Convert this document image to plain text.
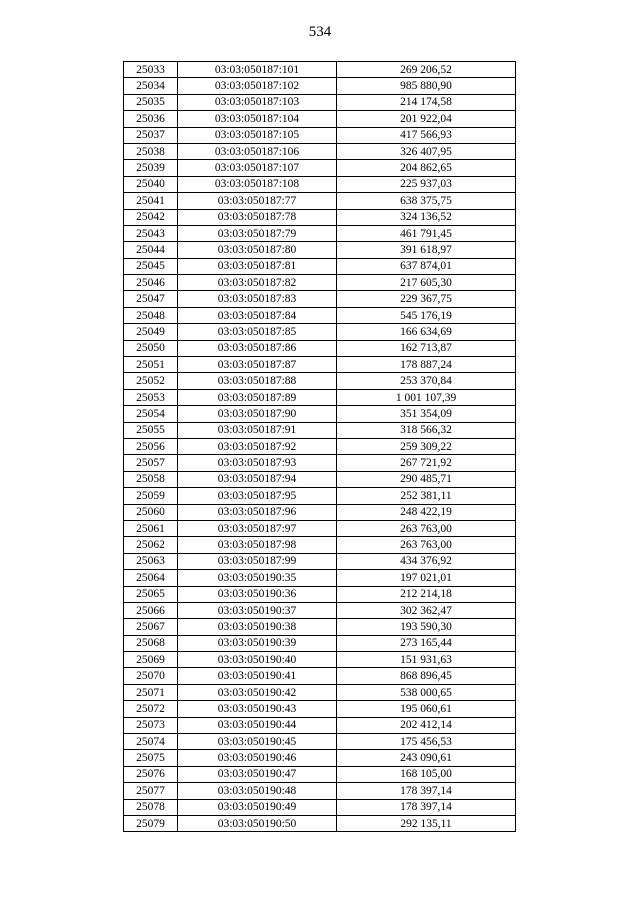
534
25033	03:03:050187:101	269 206,52
25034	03:03:050187:102	985 880,90
25035	03:03:050187:103	214 174,58
25036	03:03:050187:104	201 922,04
25037	03:03:050187:105	417 566,93
25038	03:03:050187:106	326 407,95
25039	03:03:050187:107	204 862,65
25040	03:03:050187:108	225 937,03
25041	03:03:050187:77	638 375,75
25042	03:03:050187:78	324 136,52
25043	03:03:050187:79	461 791,45
25044	03:03:050187:80	391 618,97
25045	03:03:050187:81	637 874,01
25046	03:03:050187:82	217 605,30
25047	03:03:050187:83	229 367,75
25048	03:03:050187:84	545 176,19
25049	03:03:050187:85	166 634,69
25050	03:03:050187:86	162 713,87
25051	03:03:050187:87	178 887,24
25052	03:03:050187:88	253 370,84
25053	03:03:050187:89	1 001 107,39
25054	03:03:050187:90	351 354,09
25055	03:03:050187:91	318 566,32
25056	03:03:050187:92	259 309,22
25057	03:03:050187:93	267 721,92
25058	03:03:050187:94	290 485,71
25059	03:03:050187:95	252 381,11
25060	03:03:050187:96	248 422,19
25061	03:03:050187:97	263 763,00
25062	03:03:050187:98	263 763,00
25063	03:03:050187:99	434 376,92
25064	03:03:050190:35	197 021,01
25065	03:03:050190:36	212 214,18
25066	03:03:050190:37	302 362,47
25067	03:03:050190:38	193 590,30
25068	03:03:050190:39	273 165,44
25069	03:03:050190:40	151 931,63
25070	03:03:050190:41	868 896,45
25071	03:03:050190:42	538 000,65
25072	03:03:050190:43	195 060,61
25073	03:03:050190:44	202 412,14
25074	03:03:050190:45	175 456,53
25075	03:03:050190:46	243 090,61
25076	03:03:050190:47	168 105,00
25077	03:03:050190:48	178 397,14
25078	03:03:050190:49	178 397,14
25079	03:03:050190:50	292 135,11
